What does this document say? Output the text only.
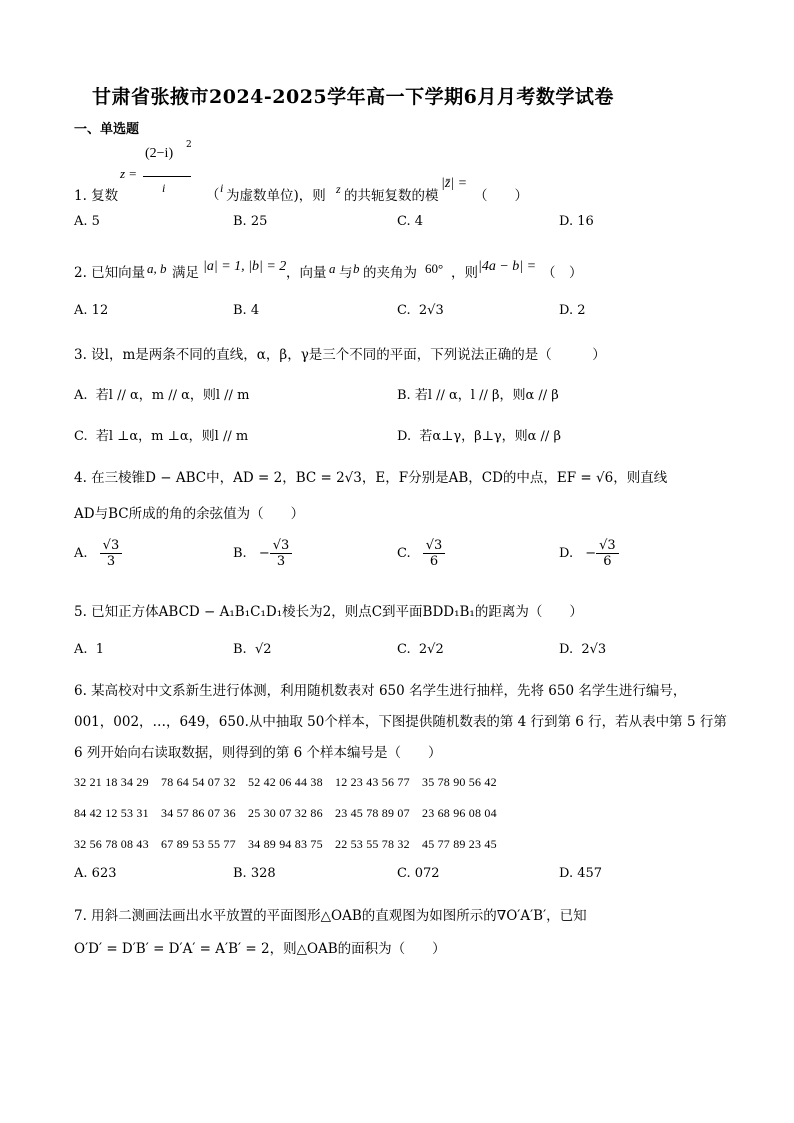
甘肃省张掖市2024-2025学年高一下学期6月月考数学试卷
一、单选题
z =
(2−i)
2
i
1. 复数	（ i 为虚数单位)，则 z 的共轭复数的模
|z̄| =
（　　）
A. 5	B. 25	C. 4	D. 16
2. 已知向量 a, b 满足 |a| = 1, |b| = 2 ，向量 a 与 b 的夹角为 60° ，则 |4a − b| = （　）
A. 12	B. 4	C. 2√3	D. 2
3. 设l，m是两条不同的直线，α，β，γ是三个不同的平面，下列说法正确的是（　　　）
A. 若l // α，m // α，则l // m	B. 若l // α，l // β，则α // β
C. 若l ⊥α，m ⊥α，则l // m	D. 若α⊥γ，β⊥γ，则α // β
4. 在三棱锥D − ABC中，AD = 2，BC = 2√3，E，F分别是AB，CD的中点，EF = √6，则直线
AD与BC所成的角的余弦值为（　　）
A. $\frac{√3}{3}$	B. − $\frac{√3}{3}$	C. $\frac{√3}{6}$	D. − $\frac{√3}{6}$
5. 已知正方体ABCD − A₁B₁C₁D₁棱长为2，则点C到平面BDD₁B₁的距离为（　　）
A. 1	B. √2	C. 2√2	D. 2√3
6. 某高校对中文系新生进行体测，利用随机数表对 650 名学生进行抽样，先将 650 名学生进行编号，
001，002，…，649，650.从中抽取 50个样本，下图提供随机数表的第 4 行到第 6 行，若从表中第 5 行第
6 列开始向右读取数据，则得到的第 6 个样本编号是（　　）
32 21 18 34 29　78 64 54 07 32　52 42 06 44 38　12 23 43 56 77　35 78 90 56 42
84 42 12 53 31　34 57 86 07 36　25 30 07 32 86　23 45 78 89 07　23 68 96 08 04
32 56 78 08 43　67 89 53 55 77　34 89 94 83 75　22 53 55 78 32　45 77 89 23 45
A. 623	B. 328	C. 072	D. 457
7. 用斜二测画法画出水平放置的平面图形△OAB的直观图为如图所示的∇O′A′B′，已知
O′D′ = D′B′ = D′A′ = A′B′ = 2，则△OAB的面积为（　　）
